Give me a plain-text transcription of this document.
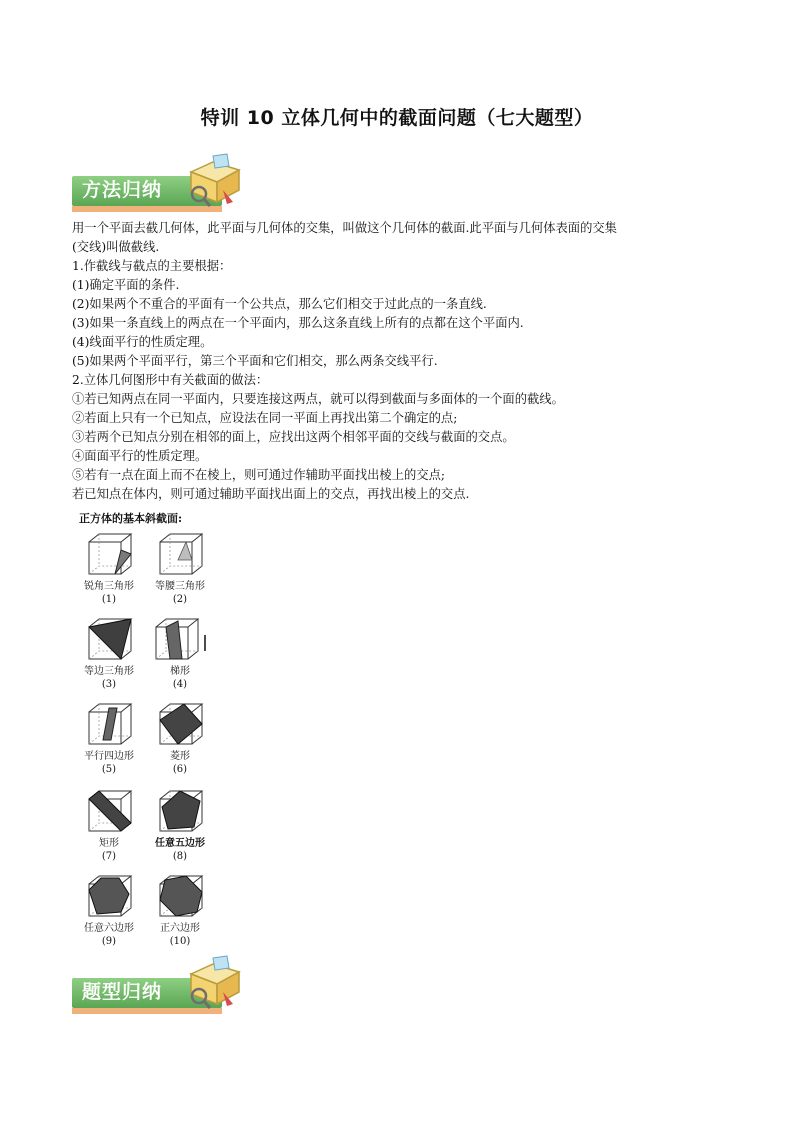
特训 10 立体几何中的截面问题（七大题型）
方法归纳

用一个平面去截几何体，此平面与几何体的交集，叫做这个几何体的截面.此平面与几何体表面的交集

(交线)叫做截线.

1.作截线与截点的主要根据：

(1)确定平面的条件.

(2)如果两个不重合的平面有一个公共点，那么它们相交于过此点的一条直线.

(3)如果一条直线上的两点在一个平面内，那么这条直线上所有的点都在这个平面内.

(4)线面平行的性质定理。

(5)如果两个平面平行，第三个平面和它们相交，那么两条交线平行.

2.立体几何图形中有关截面的做法：

①若已知两点在同一平面内，只要连接这两点，就可以得到截面与多面体的一个面的截线。

②若面上只有一个已知点，应设法在同一平面上再找出第二个确定的点;

③若两个已知点分别在相邻的面上，应找出这两个相邻平面的交线与截面的交点。

④面面平行的性质定理。

⑤若有一点在面上而不在棱上，则可通过作辅助平面找出棱上的交点;

若已知点在体内，则可通过辅助平面找出面上的交点，再找出棱上的交点.

正方体的基本斜截面:
锐角三角形
(1)
等腰三角形
(2)
等边三角形
(3)
梯形
(4)
平行四边形
(5)
菱形
(6)
矩形
(7)
任意五边形
(8)
任意六边形
(9)
正六边形
(10)
题型归纳
